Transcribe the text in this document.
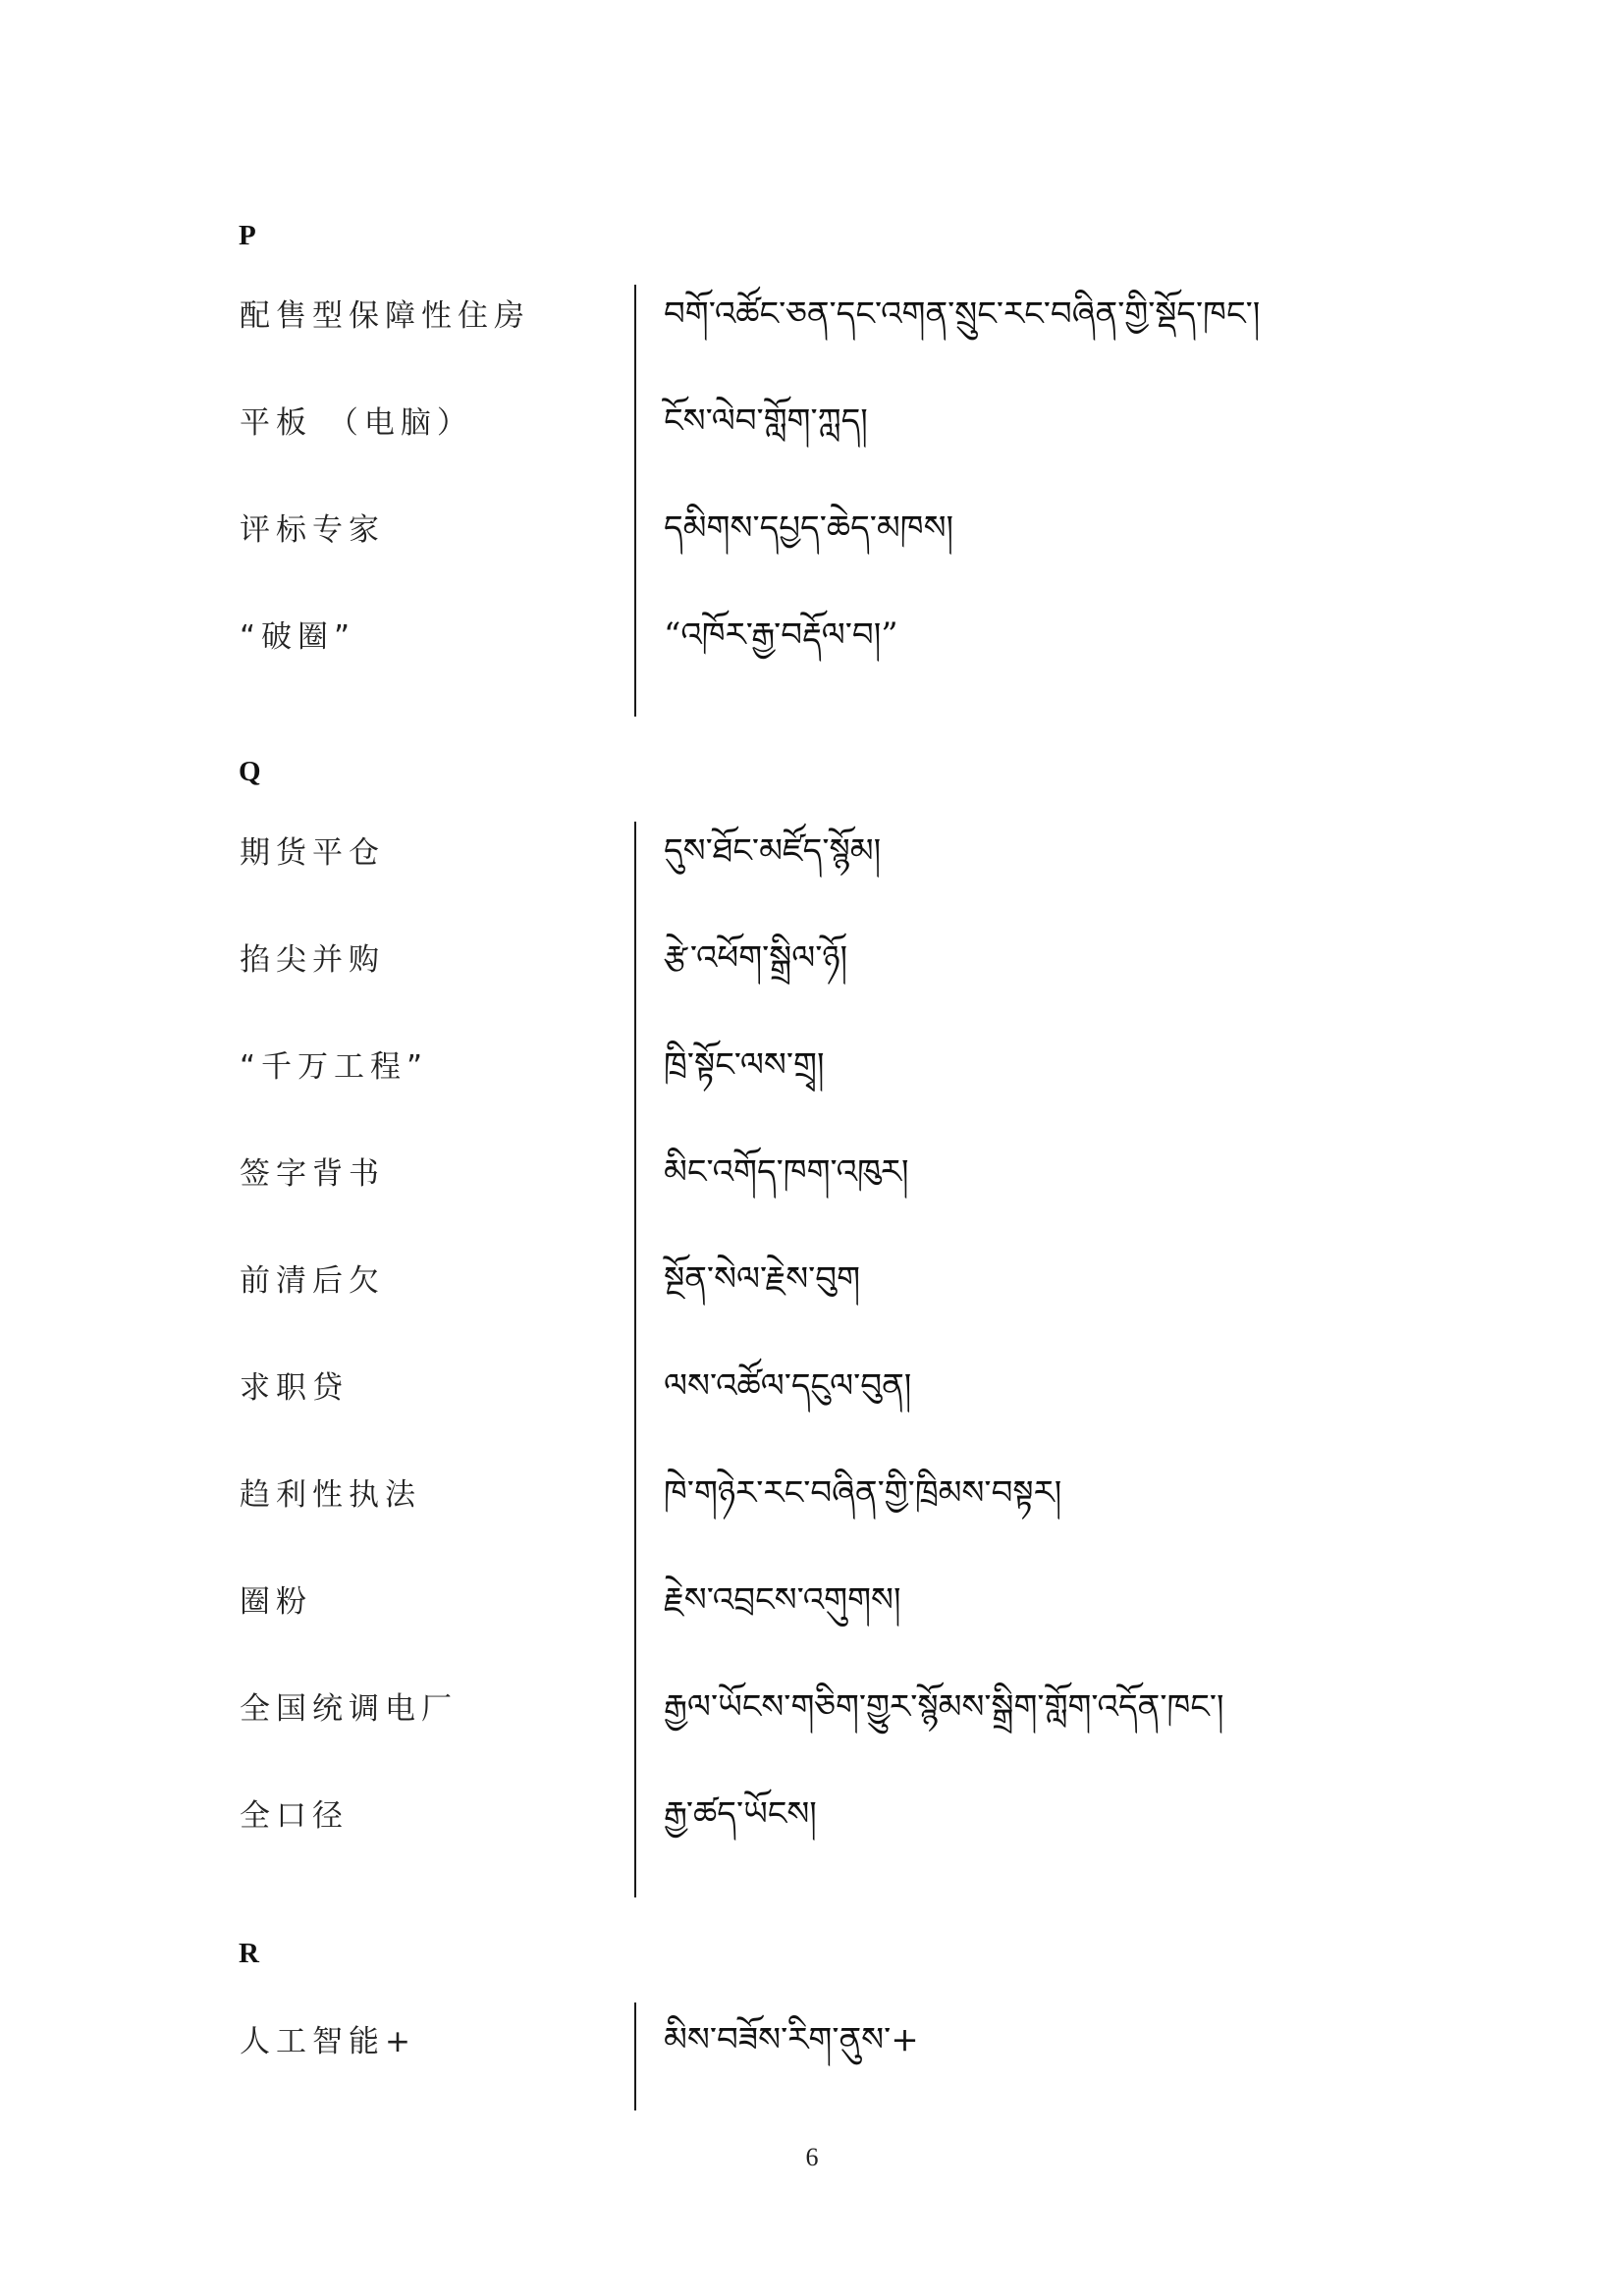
P
配售型保障性住房	བགོ་འཚོང་ཅན་དང་འགན་སྲུང་རང་བཞིན་གྱི་སྡོད་ཁང་།
平板 （电脑）	ངོས་ལེབ་གློག་ཀླད།
评标专家	དམིགས་དཔྱད་ཆེད་མཁས།
“破圈”	“འཁོར་རྒྱ་བརྡོལ་བ།”
Q
期货平仓	དུས་ཐོང་མཛོད་སྙོམ།
掐尖并购	རྩེ་འཕོག་སྒྲིལ་ཉོ།
“千万工程”	ཁྲི་སྟོང་ལས་གྲྭ།
签字背书	མིང་འགོད་ཁག་འཁུར།
前清后欠	སྔོན་སེལ་རྗེས་བུག
求职贷	ལས་འཚོལ་དངུལ་བུན།
趋利性执法	ཁེ་གཉེར་རང་བཞིན་གྱི་ཁྲིམས་བསྟར།
圈粉	རྗེས་འབྲངས་འགུགས།
全国统调电厂	རྒྱལ་ཡོངས་གཅིག་གྱུར་སྙོམས་སྒྲིག་གློག་འདོན་ཁང་།
全口径	རྒྱ་ཚད་ཡོངས།
R
人工智能+	མིས་བཟོས་རིག་ནུས་+
6
